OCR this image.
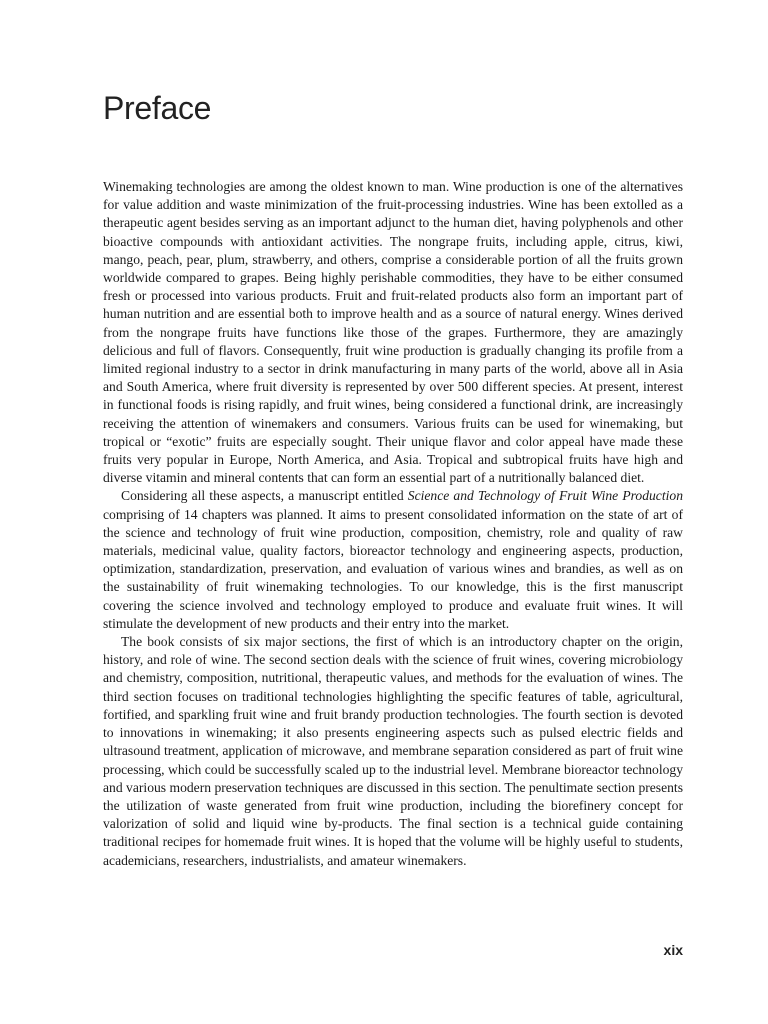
Preface

Winemaking technologies are among the oldest known to man. Wine production is one of the alternatives for value addition and waste minimization of the fruit-processing industries. Wine has been extolled as a therapeutic agent besides serving as an important adjunct to the human diet, having polyphenols and other bioactive compounds with antioxidant activities. The nongrape fruits, including apple, citrus, kiwi, mango, peach, pear, plum, strawberry, and others, comprise a considerable portion of all the fruits grown worldwide compared to grapes. Being highly perishable commodities, they have to be either consumed fresh or processed into various products. Fruit and fruit-related products also form an important part of human nutrition and are essential both to improve health and as a source of natural energy. Wines derived from the nongrape fruits have functions like those of the grapes. Furthermore, they are amazingly delicious and full of flavors. Consequently, fruit wine production is gradually changing its profile from a limited regional industry to a sector in drink manufacturing in many parts of the world, above all in Asia and South America, where fruit diversity is represented by over 500 different species. At present, interest in functional foods is rising rapidly, and fruit wines, being considered a functional drink, are increasingly receiving the attention of winemakers and consumers. Various fruits can be used for winemaking, but tropical or “exotic” fruits are especially sought. Their unique flavor and color appeal have made these fruits very popular in Europe, North America, and Asia. Tropical and subtropical fruits have high and diverse vitamin and mineral contents that can form an essential part of a nutritionally balanced diet.

Considering all these aspects, a manuscript entitled Science and Technology of Fruit Wine Production comprising of 14 chapters was planned. It aims to present consolidated information on the state of art of the science and technology of fruit wine production, composition, chemistry, role and quality of raw materials, medicinal value, quality factors, bioreactor technology and engineering aspects, production, optimization, standardization, preservation, and evaluation of various wines and brandies, as well as on the sustainability of fruit winemaking technologies. To our knowledge, this is the first manuscript covering the science involved and technology employed to produce and evaluate fruit wines. It will stimulate the development of new products and their entry into the market.

The book consists of six major sections, the first of which is an introductory chapter on the origin, history, and role of wine. The second section deals with the science of fruit wines, covering microbiology and chemistry, composition, nutritional, therapeutic values, and methods for the evaluation of wines. The third section focuses on traditional technologies highlighting the specific features of table, agricultural, fortified, and sparkling fruit wine and fruit brandy production technologies. The fourth section is devoted to innovations in winemaking; it also presents engineering aspects such as pulsed electric fields and ultrasound treatment, application of microwave, and membrane separation considered as part of fruit wine processing, which could be successfully scaled up to the industrial level. Membrane bioreactor technology and various modern preservation techniques are discussed in this section. The penultimate section presents the utilization of waste generated from fruit wine production, including the biorefinery concept for valorization of solid and liquid wine by-products. The final section is a technical guide containing traditional recipes for homemade fruit wines. It is hoped that the volume will be highly useful to students, academicians, researchers, industrialists, and amateur winemakers.

xix
